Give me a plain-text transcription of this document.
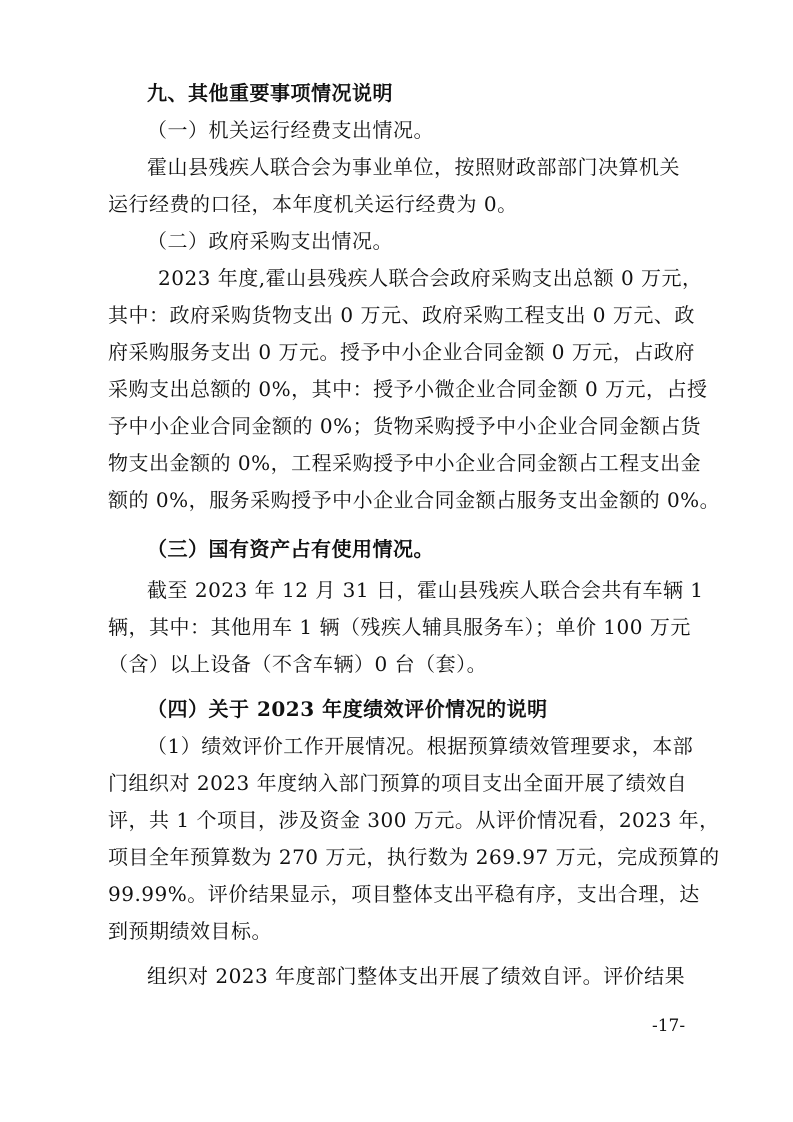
九、其他重要事项情况说明
（一）机关运行经费支出情况。
霍山县残疾人联合会为事业单位，按照财政部部门决算机关
运行经费的口径，本年度机关运行经费为 0。
（二）政府采购支出情况。
2023 年度,霍山县残疾人联合会政府采购支出总额 0 万元，
其中：政府采购货物支出 0 万元、政府采购工程支出 0 万元、政
府采购服务支出 0 万元。授予中小企业合同金额 0 万元，占政府
采购支出总额的 0%，其中：授予小微企业合同金额 0 万元，占授
予中小企业合同金额的 0%；货物采购授予中小企业合同金额占货
物支出金额的 0%，工程采购授予中小企业合同金额占工程支出金
额的 0%，服务采购授予中小企业合同金额占服务支出金额的 0%。
（三）国有资产占有使用情况。
截至 2023 年 12 月 31 日，霍山县残疾人联合会共有车辆 1
辆，其中：其他用车 1 辆（残疾人辅具服务车）；单价 100 万元
（含）以上设备（不含车辆）0 台（套）。
（四）关于 2023 年度绩效评价情况的说明
（1）绩效评价工作开展情况。根据预算绩效管理要求，本部
门组织对 2023 年度纳入部门预算的项目支出全面开展了绩效自
评，共 1 个项目，涉及资金 300 万元。从评价情况看，2023 年，
项目全年预算数为 270 万元，执行数为 269.97 万元，完成预算的
99.99%。评价结果显示，项目整体支出平稳有序，支出合理，达
到预期绩效目标。
组织对 2023 年度部门整体支出开展了绩效自评。评价结果
-17-
